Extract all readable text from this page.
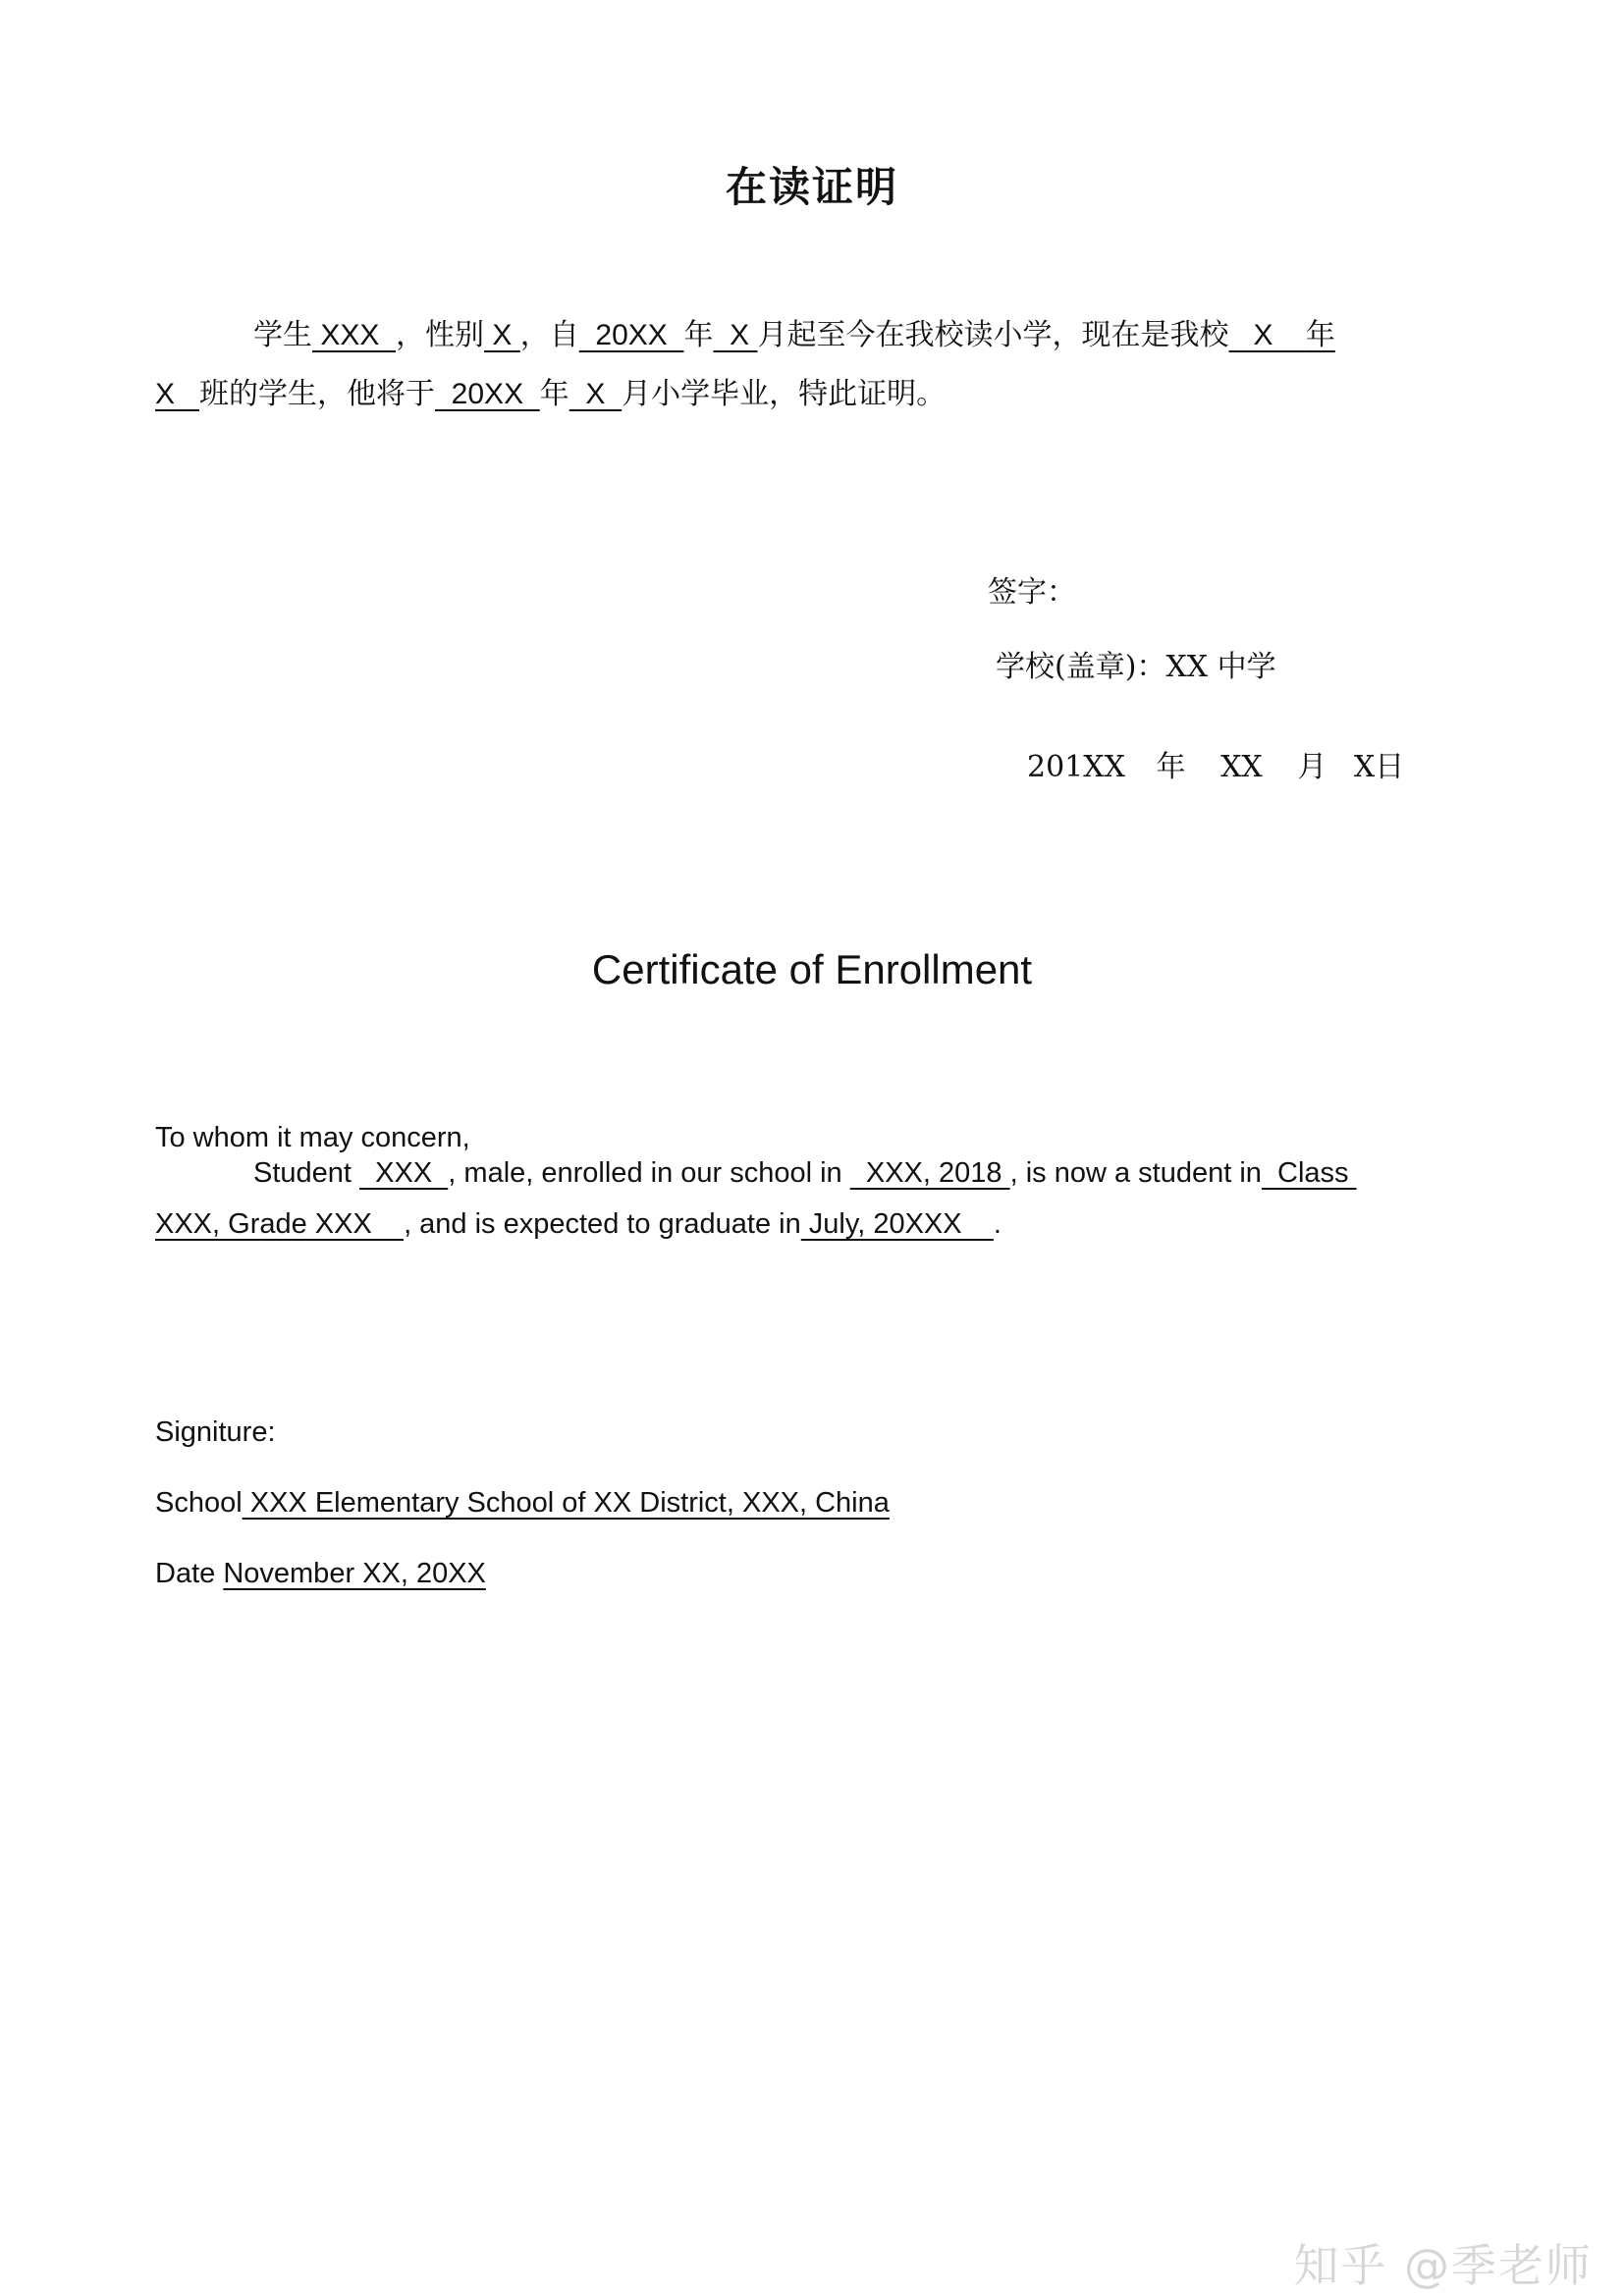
在读证明
学生 XXX  ，性别 X ，自  20XX  年  X 月起至今在我校读小学，现在是我校   X    年
X   班的学生，他将于  20XX  年  X  月小学毕业，特此证明。
签字：
学校(盖章)：XX 中学
201XX 年 XX 月 X日
Certificate of Enrollment
To whom it may concern,
Student   XXX  , male, enrolled in our school in   XXX, 2018 , is now a student in  Class
XXX, Grade XXX    , and is expected to graduate in July, 20XXX    .
Signiture:
School XXX Elementary School of XX District, XXX, China
Date November XX, 20XX
知乎 @季老师
